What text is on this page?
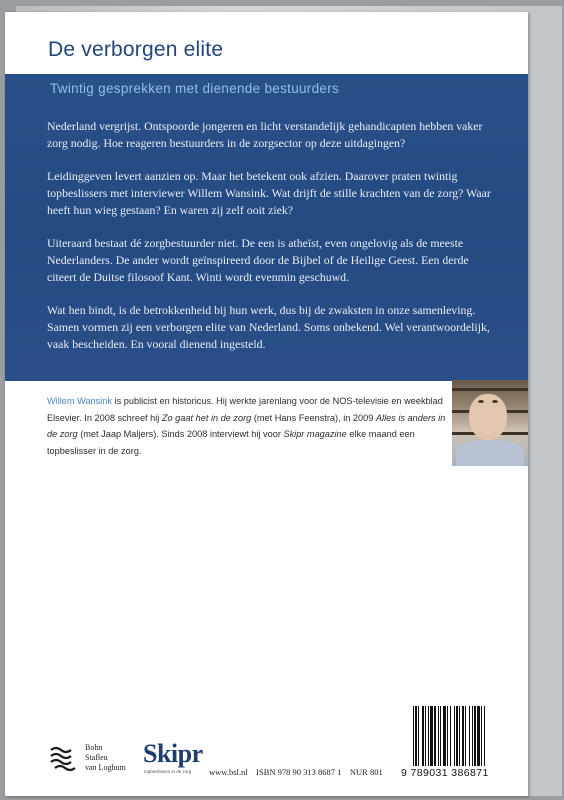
De verborgen elite
Twintig gesprekken met dienende bestuurders

Nederland vergrijst. Ontspoorde jongeren en licht verstandelijk gehandicapten hebben vaker zorg nodig. Hoe reageren bestuurders in de zorgsector op deze uitdagingen?

Leidinggeven levert aanzien op. Maar het betekent ook afzien. Daarover praten twintig topbeslissers met interviewer Willem Wansink. Wat drijft de stille krachten van de zorg? Waar heeft hun wieg gestaan? En waren zij zelf ooit ziek?

Uiteraard bestaat dé zorgbestuurder niet. De een is atheïst, even ongelovig als de meeste Nederlanders. De ander wordt geïnspireerd door de Bijbel of de Heilige Geest. Een derde citeert de Duitse filosoof Kant. Winti wordt evenmin geschuwd.

Wat hen bindt, is de betrokkenheid bij hun werk, dus bij de zwaksten in onze samenleving. Samen vormen zij een verborgen elite van Nederland. Soms onbekend. Wel verantwoordelijk, vaak bescheiden. En vooral dienend ingesteld.

Willem Wansink is publicist en historicus. Hij werkte jarenlang voor de NOS-televisie en weekblad Elsevier. In 2008 schreef hij Zo gaat het in de zorg (met Hans Feenstra), in 2009 Alles is anders in de zorg (met Jaap Maljers). Sinds 2008 interviewt hij voor Skipr magazine elke maand een topbeslisser in de zorg.
Bohn
Stafleu
van Loghum Skipr
topbeslissers in de zorg	www.bsl.nl ISBN 978 90 313 8687 1 NUR 801 9 789031 386871
